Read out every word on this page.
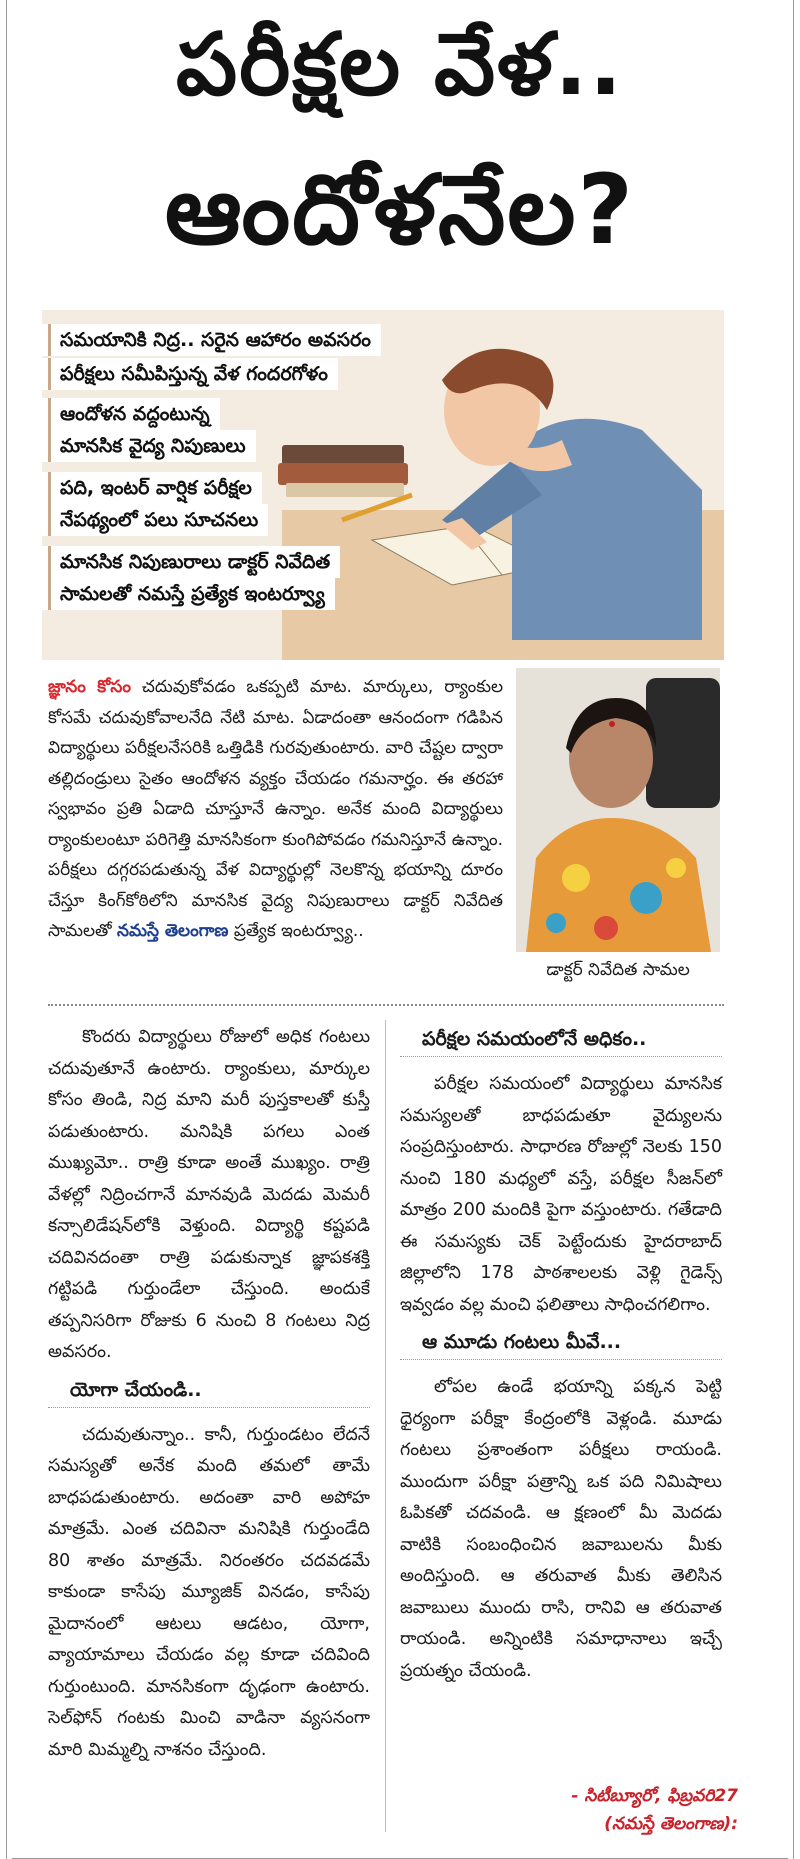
పరీక్షల వేళ..
ఆందోళనేల?
సమయానికి నిద్ర.. సరైన ఆహారం అవసరం
పరీక్షలు సమీపిస్తున్న వేళ గందరగోళం
ఆందోళన వద్దంటున్న
మానసిక వైద్య నిపుణులు
పది, ఇంటర్ వార్షిక పరీక్షల
నేపథ్యంలో పలు సూచనలు
మానసిక నిపుణురాలు డాక్టర్ నివేదిత
సామలతో నమస్తే ప్రత్యేక ఇంటర్వ్యూ
జ్ఞానం కోసం చదువుకోవడం ఒకప్పటి మాట. మార్కులు, ర్యాంకుల కోసమే చదువుకోవాలనేది నేటి మాట. ఏడాదంతా ఆనందంగా గడిపిన విద్యార్థులు పరీక్షలనేసరికి ఒత్తిడికి గురవుతుంటారు. వారి చేష్టల ద్వారా తల్లిదండ్రులు సైతం ఆందోళన వ్యక్తం చేయడం గమనార్హం. ఈ తరహా స్వభావం ప్రతి ఏడాది చూస్తూనే ఉన్నాం. అనేక మంది విద్యార్థులు ర్యాంకులంటూ పరిగెత్తి మానసికంగా కుంగిపోవడం గమనిస్తూనే ఉన్నాం. పరీక్షలు దగ్గరపడుతున్న వేళ విద్యార్థుల్లో నెలకొన్న భయాన్ని దూరం చేస్తూ కింగ్‌కోఠిలోని మానసిక వైద్య నిపుణురాలు డాక్టర్ నివేదిత సామలతో నమస్తే తెలంగాణ ప్రత్యేక ఇంటర్వ్యూ..
డాక్టర్ నివేదిత సామల

కొందరు విద్యార్థులు రోజులో అధిక గంటలు చదువుతూనే ఉంటారు. ర్యాంకులు, మార్కుల కోసం తిండి, నిద్ర మాని మరీ పుస్తకాలతో కుస్తీ పడుతుంటారు. మనిషికి పగలు ఎంత ముఖ్యమో.. రాత్రి కూడా అంతే ముఖ్యం. రాత్రి వేళల్లో నిద్రించగానే మానవుడి మెదడు మెమరీ కన్సాలిడేషన్‌లోకి వెళ్తుంది. విద్యార్థి కష్టపడి చదివినదంతా రాత్రి పడుకున్నాక జ్ఞాపకశక్తి గట్టిపడి గుర్తుండేలా చేస్తుంది. అందుకే తప్పనిసరిగా రోజుకు 6 నుంచి 8 గంటలు నిద్ర అవసరం.

యోగా చేయండి..

చదువుతున్నాం.. కానీ, గుర్తుండటం లేదనే సమస్యతో అనేక మంది తమలో తామే బాధపడుతుంటారు. అదంతా వారి అపోహ మాత్రమే. ఎంత చదివినా మనిషికి గుర్తుండేది 80 శాతం మాత్రమే. నిరంతరం చదవడమే కాకుండా కాసేపు మ్యూజిక్ వినడం, కాసేపు మైదానంలో ఆటలు ఆడటం, యోగా, వ్యాయామాలు చేయడం వల్ల కూడా చదివింది గుర్తుంటుంది. మానసికంగా దృఢంగా ఉంటారు. సెల్‌ఫోన్ గంటకు మించి వాడినా వ్యసనంగా మారి మిమ్మల్ని నాశనం చేస్తుంది.

పరీక్షల సమయంలోనే అధికం..

పరీక్షల సమయంలో విద్యార్థులు మానసిక సమస్యలతో బాధపడుతూ వైద్యులను సంప్రదిస్తుంటారు. సాధారణ రోజుల్లో నెలకు 150 నుంచి 180 మధ్యలో వస్తే, పరీక్షల సీజన్‌లో మాత్రం 200 మందికి పైగా వస్తుంటారు. గతేడాది ఈ సమస్యకు చెక్ పెట్టేందుకు హైదరాబాద్ జిల్లాలోని 178 పాఠశాలలకు వెళ్లి గైడెన్స్ ఇవ్వడం వల్ల మంచి ఫలితాలు సాధించగలిగాం.

ఆ మూడు గంటలు మీవే...

లోపల ఉండే భయాన్ని పక్కన పెట్టి ధైర్యంగా పరీక్షా కేంద్రంలోకి వెళ్లండి. మూడు గంటలు ప్రశాంతంగా పరీక్షలు రాయండి. ముందుగా పరీక్షా పత్రాన్ని ఒక పది నిమిషాలు ఓపికతో చదవండి. ఆ క్షణంలో మీ మెదడు వాటికి సంబంధించిన జవాబులను మీకు అందిస్తుంది. ఆ తరువాత మీకు తెలిసిన జవాబులు ముందు రాసి, రానివి ఆ తరువాత రాయండి. అన్నింటికి సమాధానాలు ఇచ్చే ప్రయత్నం చేయండి.

- సిటీబ్యూరో, ఫిబ్రవరి27
(నమస్తే తెలంగాణ):
